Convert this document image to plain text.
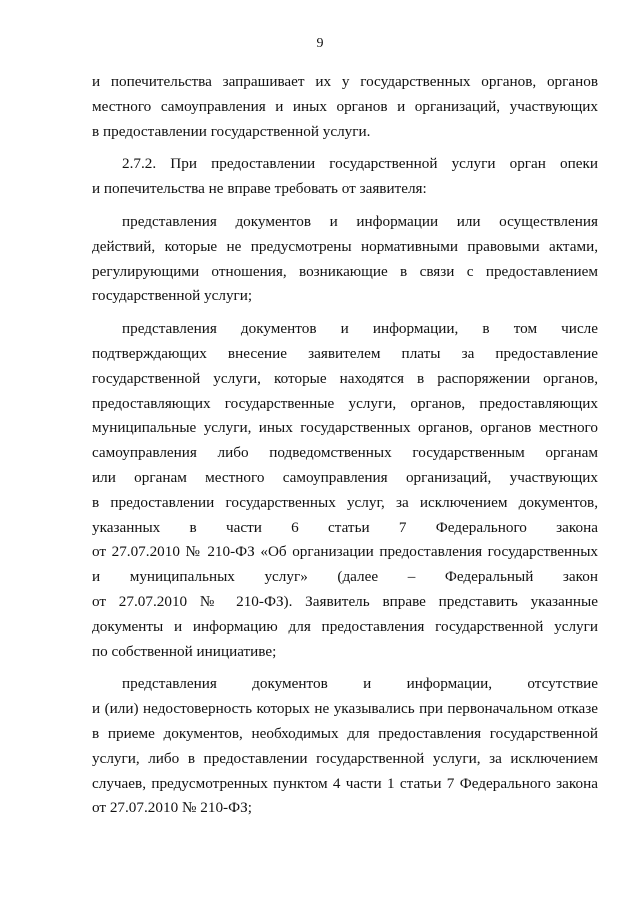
9

и попечительства запрашивает их у государственных органов, органов
местного самоуправления и иных органов и организаций, участвующих
в предоставлении государственной услуги.

2.7.2. При предоставлении государственной услуги орган опеки
и попечительства не вправе требовать от заявителя:

представления документов и информации или осуществления
действий, которые не предусмотрены нормативными правовыми актами,
регулирующими отношения, возникающие в связи с предоставлением
государственной услуги;

представления документов и информации, в том числе
подтверждающих внесение заявителем платы за предоставление
государственной услуги, которые находятся в распоряжении органов,
предоставляющих государственные услуги, органов, предоставляющих
муниципальные услуги, иных государственных органов, органов местного
самоуправления либо подведомственных государственным органам
или органам местного самоуправления организаций, участвующих
в предоставлении государственных услуг, за исключением документов,
указанных в части 6 статьи 7 Федерального закона
от 27.07.2010 № 210-ФЗ «Об организации предоставления государственных
и муниципальных услуг» (далее – Федеральный закон
от 27.07.2010 № 210-ФЗ). Заявитель вправе представить указанные
документы и информацию для предоставления государственной услуги
по собственной инициативе;

представления документов и информации, отсутствие
и (или) недостоверность которых не указывались при первоначальном отказе
в приеме документов, необходимых для предоставления государственной
услуги, либо в предоставлении государственной услуги, за исключением
случаев, предусмотренных пунктом 4 части 1 статьи 7 Федерального закона
от 27.07.2010 № 210-ФЗ;
